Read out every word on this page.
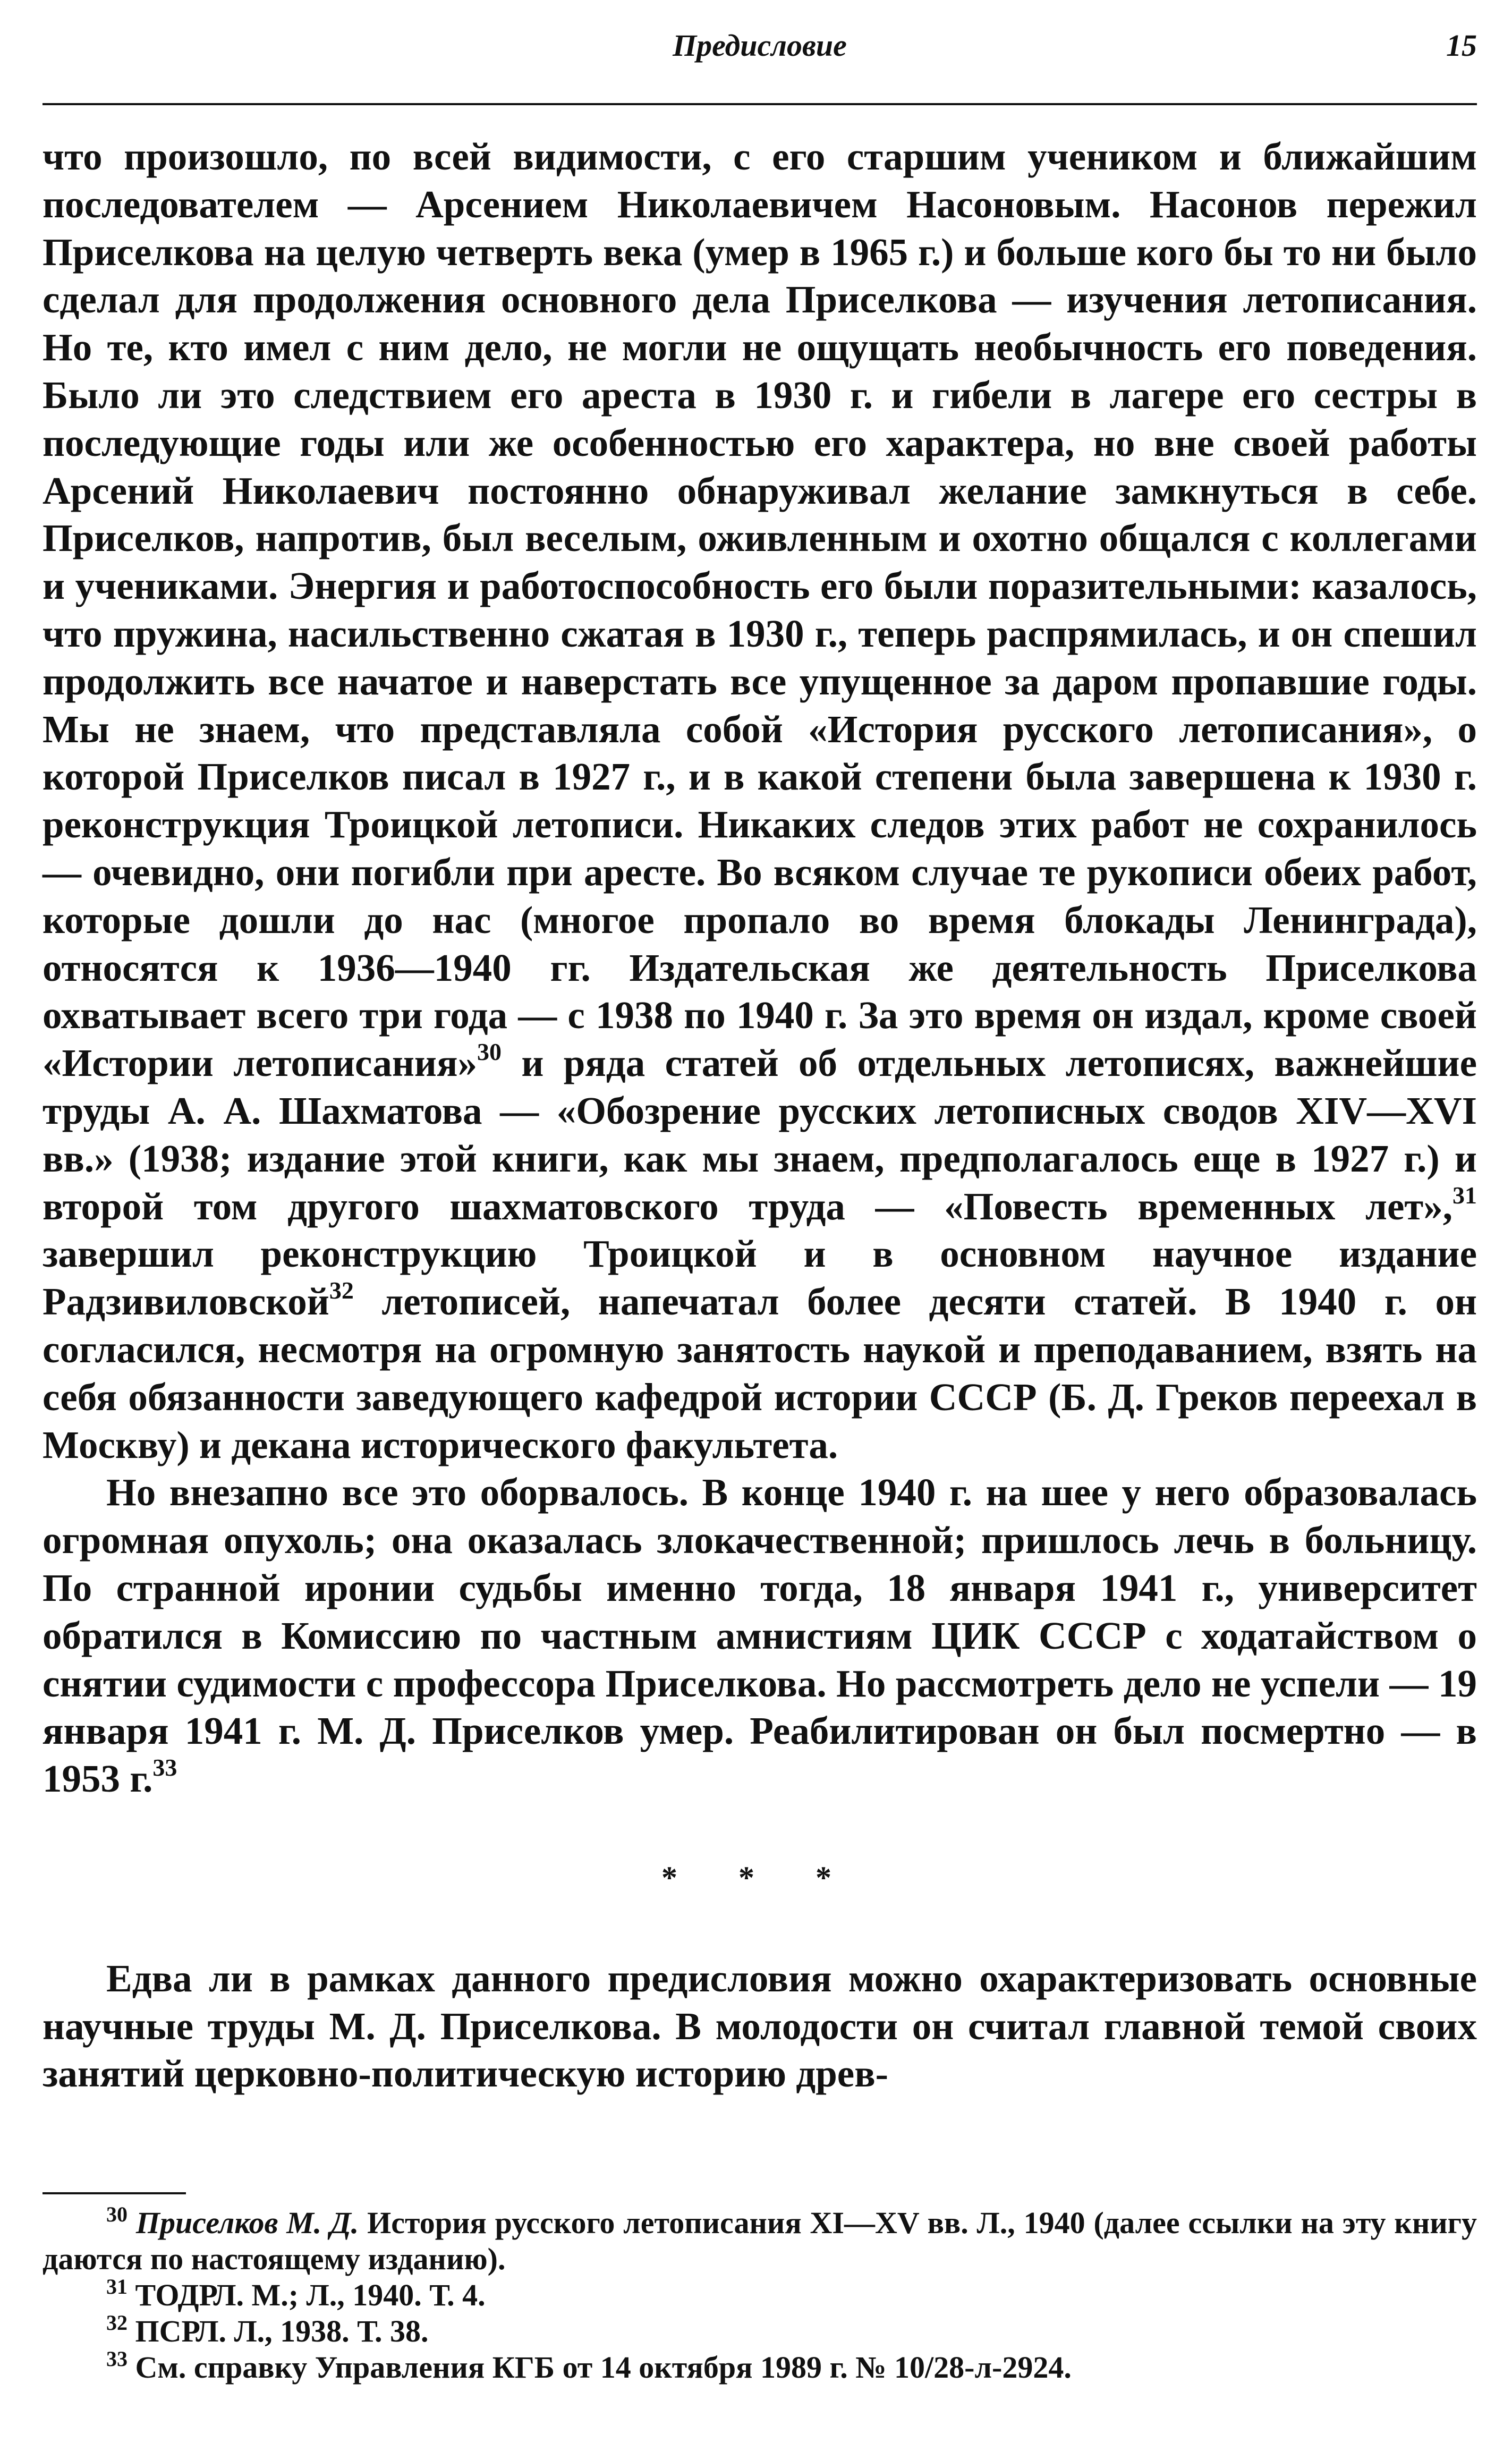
Предисловие	15

что произошло, по всей видимости, с его старшим учеником и ближайшим последователем — Арсением Николаевичем Насоновым. Насонов пережил Приселкова на целую четверть века (умер в 1965 г.) и больше кого бы то ни было сделал для продолжения основного дела Приселкова — изучения летописания. Но те, кто имел с ним дело, не могли не ощущать необычность его поведения. Было ли это следствием его ареста в 1930 г. и гибели в лагере его сестры в последующие годы или же особенностью его характера, но вне своей работы Арсений Николаевич постоянно обнаруживал желание замкнуться в себе. Приселков, напротив, был веселым, оживленным и охотно общался с коллегами и учениками. Энергия и работоспособность его были поразительными: казалось, что пружина, насильственно сжатая в 1930 г., теперь распрямилась, и он спешил продолжить все начатое и наверстать все упущенное за даром пропавшие годы. Мы не знаем, что представляла собой «История русского летописания», о которой Приселков писал в 1927 г., и в какой степени была завершена к 1930 г. реконструкция Троицкой летописи. Никаких следов этих работ не сохранилось — очевидно, они погибли при аресте. Во всяком случае те рукописи обеих работ, которые дошли до нас (многое пропало во время блокады Ленинграда), относятся к 1936—1940 гг. Издательская же деятельность Приселкова охватывает всего три года — с 1938 по 1940 г. За это время он издал, кроме своей «Истории летописания»$^{30}$ и ряда статей об отдельных летописях, важнейшие труды А. А. Шахматова — «Обозрение русских летописных сводов XIV—XVI вв.» (1938; издание этой книги, как мы знаем, предполагалось еще в 1927 г.) и второй том другого шахматовского труда — «Повесть временных лет»,$^{31}$ завершил реконструкцию Троицкой и в основном научное издание Радзивиловской$^{32}$ летописей, напечатал более десяти статей. В 1940 г. он согласился, несмотря на огромную занятость наукой и преподаванием, взять на себя обязанности заведующего кафедрой истории СССР (Б. Д. Греков переехал в Москву) и декана исторического факультета.

Но внезапно все это оборвалось. В конце 1940 г. на шее у него образовалась огромная опухоль; она оказалась злокачественной; пришлось лечь в больницу. По странной иронии судьбы именно тогда, 18 января 1941 г., университет обратился в Комиссию по частным амнистиям ЦИК СССР с ходатайством о снятии судимости с профессора Приселкова. Но рассмотреть дело не успели — 19 января 1941 г. М. Д. Приселков умер. Реабилитирован он был посмертно — в 1953 г.$^{33}$

* * *

Едва ли в рамках данного предисловия можно охарактеризовать основные научные труды М. Д. Приселкова. В молодости он считал главной темой своих занятий церковно-политическую историю древ-

$^{30}$ Приселков М. Д. История русского летописания XI—XV вв. Л., 1940 (далее ссылки на эту книгу даются по настоящему изданию).

$^{31}$ ТОДРЛ. М.; Л., 1940. Т. 4.

$^{32}$ ПСРЛ. Л., 1938. Т. 38.

$^{33}$ См. справку Управления КГБ от 14 октября 1989 г. № 10/28-л-2924.
